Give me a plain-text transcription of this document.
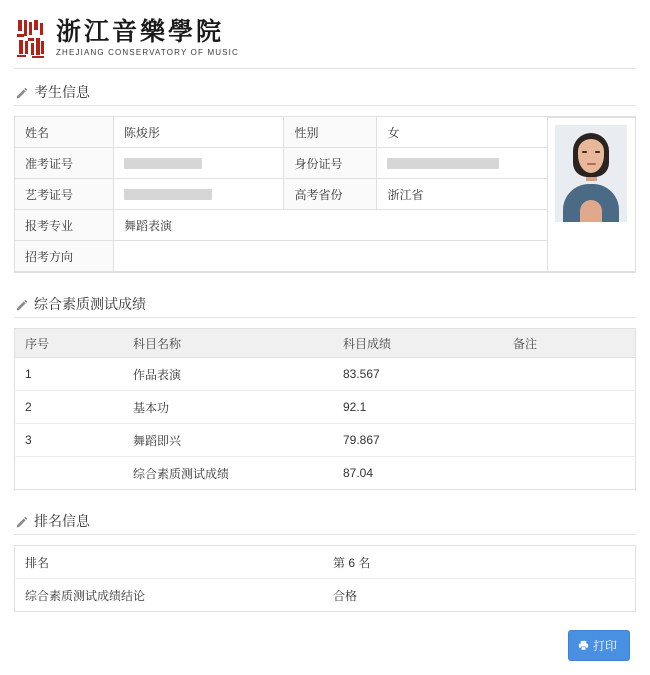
浙江音樂學院
ZHEJIANG CONSERVATORY OF MUSIC
考生信息
姓名	陈焌彤	性别	女
准考证号		身份证号	
艺考证号		高考省份	浙江省
报考专业	舞蹈表演		
招考方向			
综合素质测试成绩
序号	科目名称	科目成绩	备注
1	作品表演	83.567	
2	基本功	92.1	
3	舞蹈即兴	79.867	
	综合素质测试成绩	87.04	
排名信息
排名	第 6 名
综合素质测试成绩结论	合格
打印
